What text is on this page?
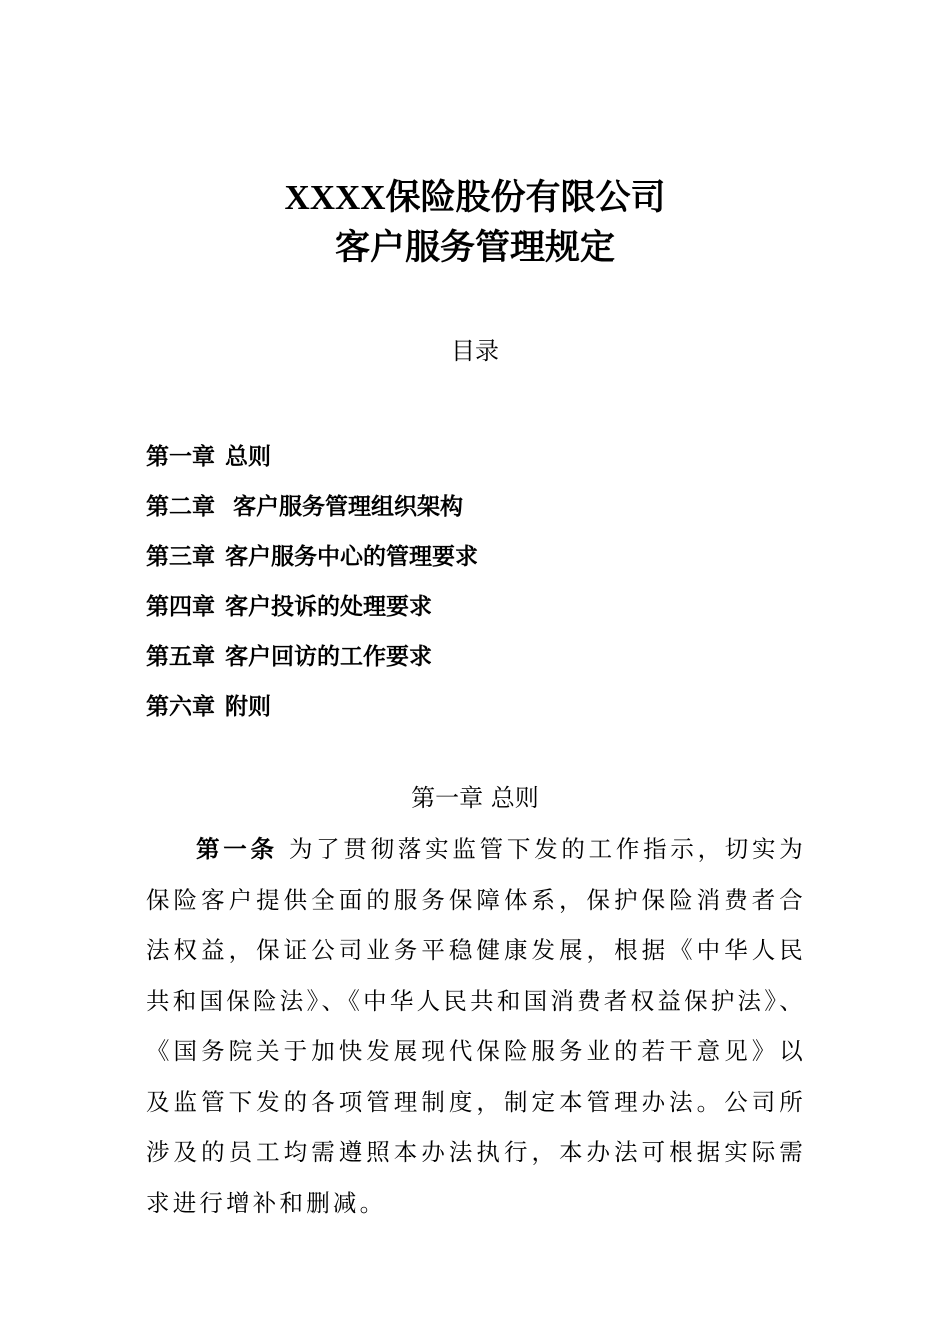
XXXX保险股份有限公司
客户服务管理规定
目录
第一章 总则
第二章 客户服务管理组织架构
第三章 客户服务中心的管理要求
第四章 客户投诉的处理要求
第五章 客户回访的工作要求
第六章 附则
第一章 总则

第一条 为了贯彻落实监管下发的工作指示，切实为保险客户提供全面的服务保障体系，保护保险消费者合法权益，保证公司业务平稳健康发展，根据《中华人民共和国保险法》、《中华人民共和国消费者权益保护法》、《国务院关于加快发展现代保险服务业的若干意见》以及监管下发的各项管理制度，制定本管理办法。公司所涉及的员工均需遵照本办法执行，本办法可根据实际需求进行增补和删减。
